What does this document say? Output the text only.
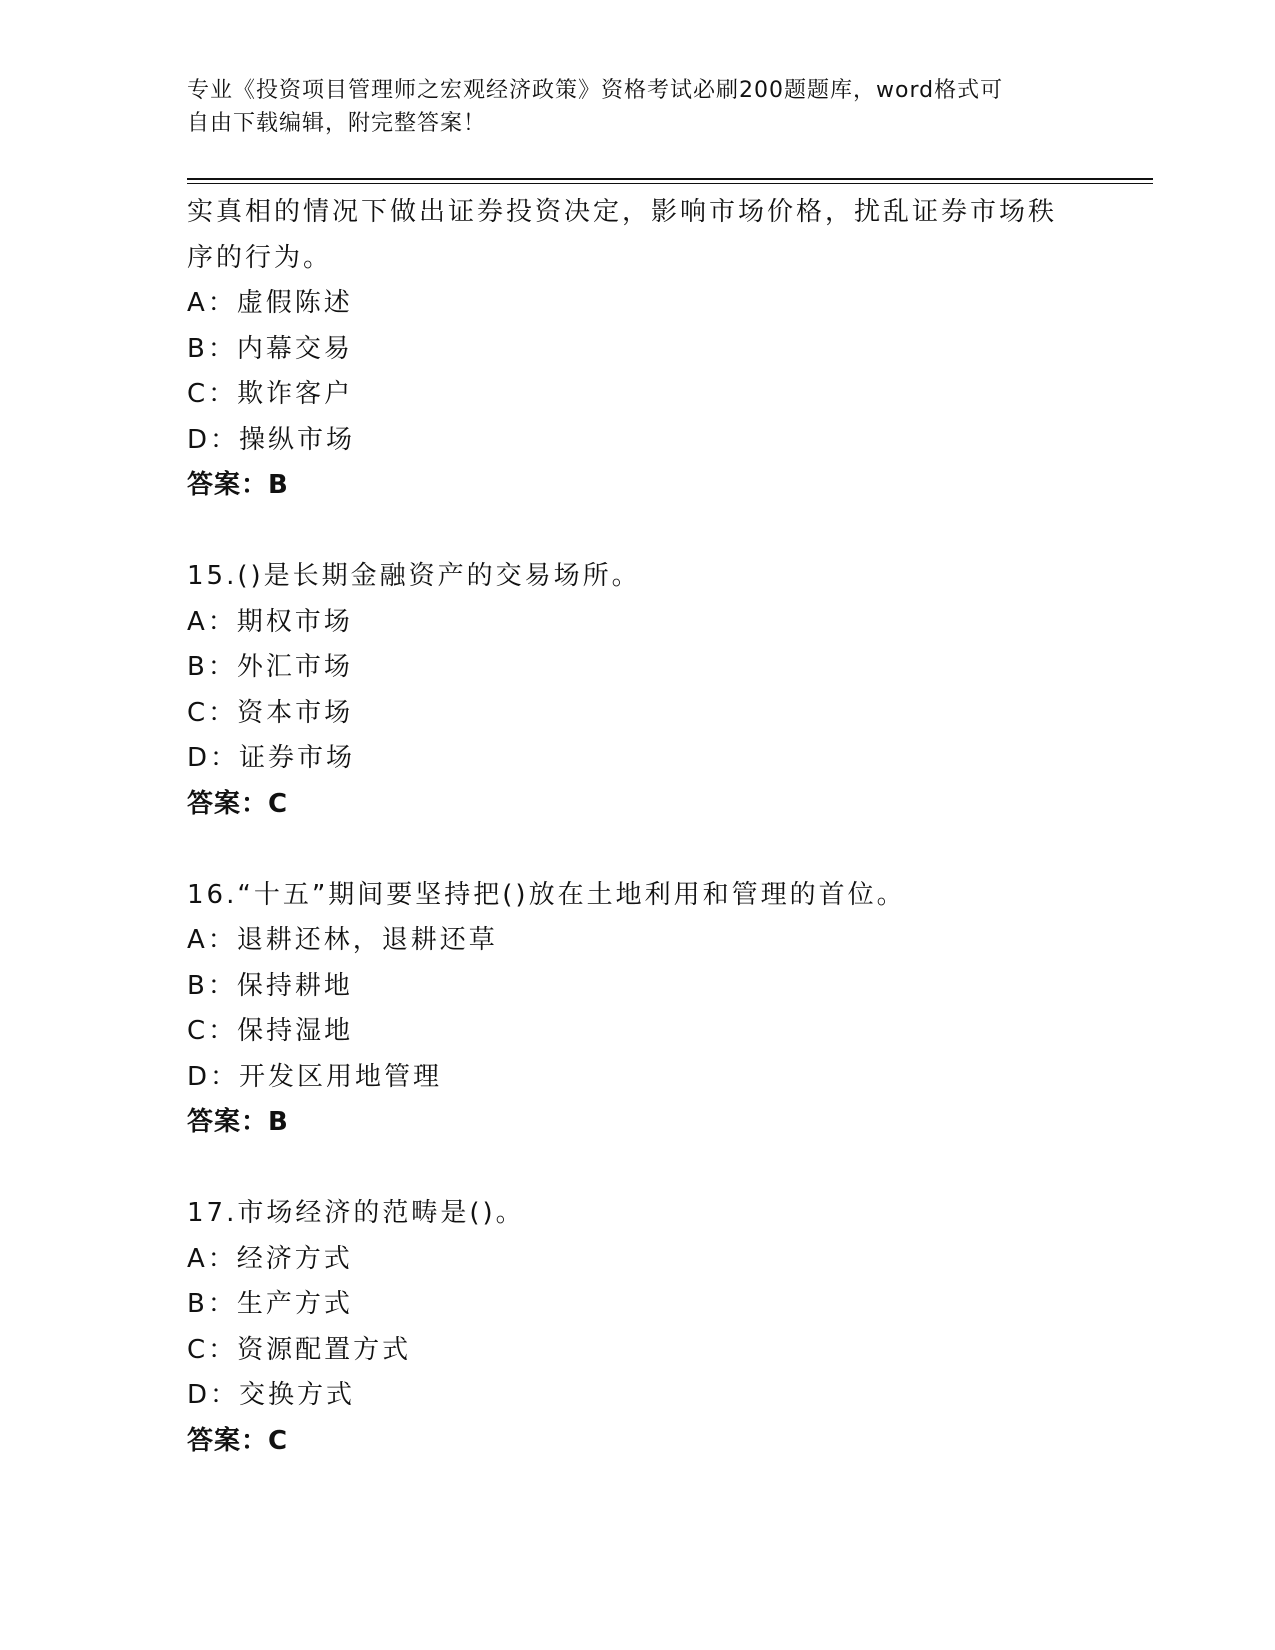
专业《投资项目管理师之宏观经济政策》资格考试必刷200题题库，word格式可
自由下载编辑，附完整答案！
实真相的情况下做出证券投资决定，影响市场价格，扰乱证券市场秩
序的行为。
A：虚假陈述
B：内幕交易
C：欺诈客户
D：操纵市场
答案：B
15.()是长期金融资产的交易场所。
A：期权市场
B：外汇市场
C：资本市场
D：证券市场
答案：C
16.“十五”期间要坚持把()放在土地利用和管理的首位。
A：退耕还林，退耕还草
B：保持耕地
C：保持湿地
D：开发区用地管理
答案：B
17.市场经济的范畴是()。
A：经济方式
B：生产方式
C：资源配置方式
D：交换方式
答案：C
